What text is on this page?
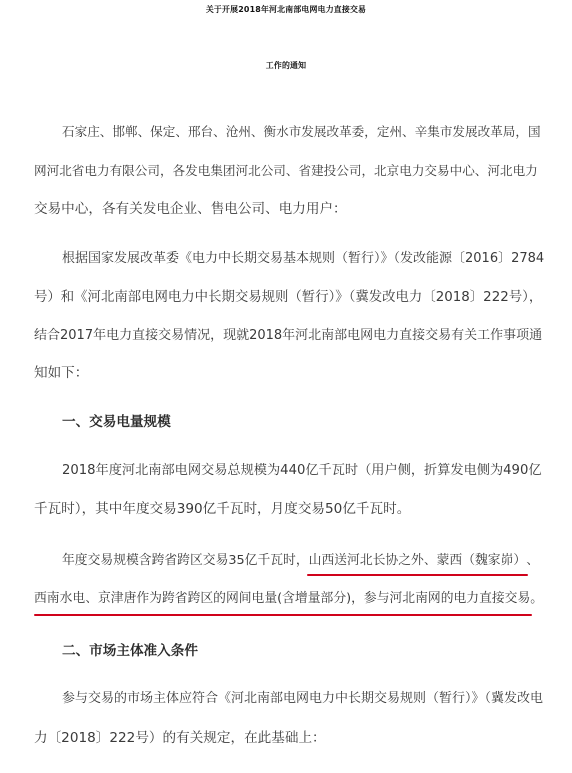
关于开展2018年河北南部电网电力直接交易
工作的通知
石家庄、邯郸、保定、邢台、沧州、衡水市发展改革委，定州、辛集市发展改革局，国
网河北省电力有限公司，各发电集团河北公司、省建投公司，北京电力交易中心、河北电力
交易中心，各有关发电企业、售电公司、电力用户：
根据国家发展改革委《电力中长期交易基本规则（暂行）》（发改能源〔2016〕2784
号）和《河北南部电网电力中长期交易规则（暂行）》（冀发改电力〔2018〕222号），
结合2017年电力直接交易情况，现就2018年河北南部电网电力直接交易有关工作事项通
知如下：
一、交易电量规模
2018年度河北南部电网交易总规模为440亿千瓦时（用户侧，折算发电侧为490亿
千瓦时），其中年度交易390亿千瓦时，月度交易50亿千瓦时。
年度交易规模含跨省跨区交易35亿千瓦时，山西送河北长协之外、蒙西（魏家峁）、
西南水电、京津唐作为跨省跨区的网间电量(含增量部分)，参与河北南网的电力直接交易。
二、市场主体准入条件
参与交易的市场主体应符合《河北南部电网电力中长期交易规则（暂行）》（冀发改电
力〔2018〕222号）的有关规定，在此基础上：
